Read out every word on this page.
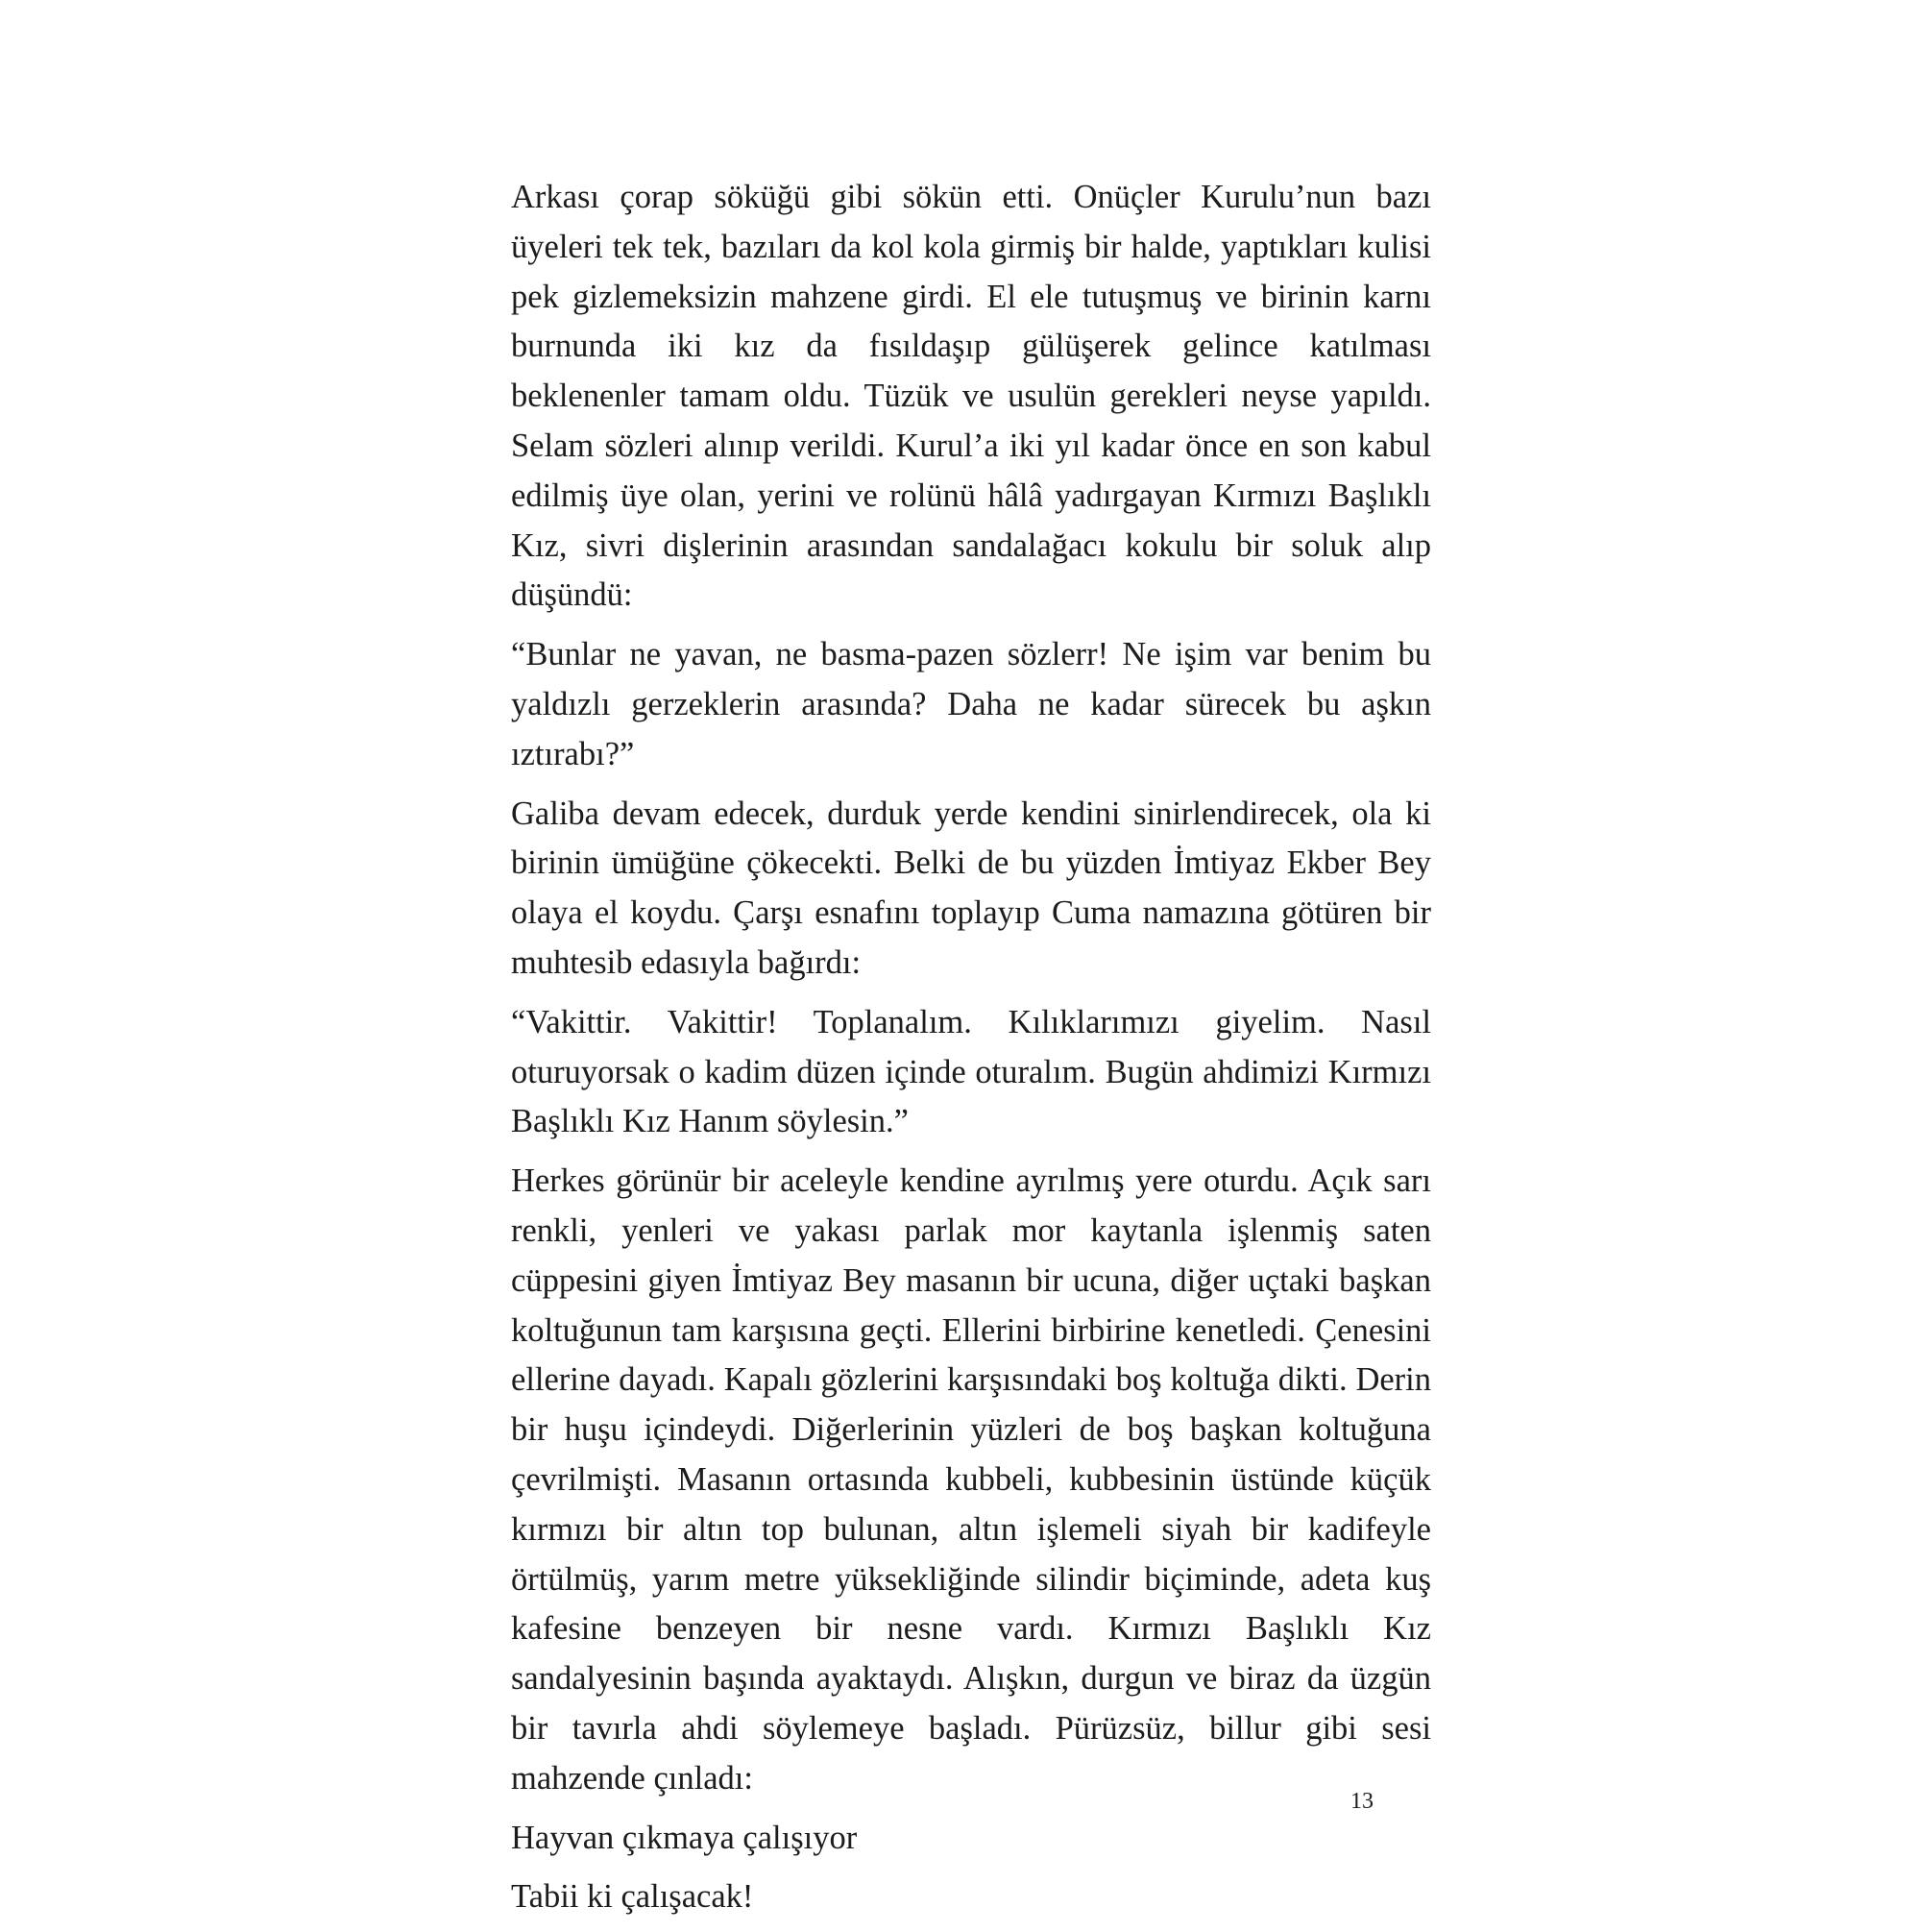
Arkası çorap söküğü gibi sökün etti. Onüçler Kurulu’nun bazı üyeleri tek tek, bazıları da kol kola girmiş bir halde, yaptıkları kulisi pek gizlemeksizin mahzene girdi. El ele tutuşmuş ve birinin karnı burnunda iki kız da fısıldaşıp gülüşerek gelince katılması beklenenler tamam oldu. Tüzük ve usulün gerekleri neyse yapıldı. Selam sözleri alınıp verildi. Kurul’a iki yıl kadar önce en son kabul edilmiş üye olan, yerini ve rolünü hâlâ yadırgayan Kırmızı Başlıklı Kız, sivri dişlerinin arasından sandalağacı kokulu bir soluk alıp düşündü:

“Bunlar ne yavan, ne basma-pazen sözlerr! Ne işim var benim bu yaldızlı gerzeklerin arasında? Daha ne kadar sürecek bu aşkın ıztırabı?”

Galiba devam edecek, durduk yerde kendini sinirlendirecek, ola ki birinin ümüğüne çökecekti. Belki de bu yüzden İmtiyaz Ekber Bey olaya el koydu. Çarşı esnafını toplayıp Cuma namazına götüren bir muhtesib edasıyla bağırdı:

“Vakittir. Vakittir! Toplanalım. Kılıklarımızı giyelim. Nasıl oturuyorsak o kadim düzen içinde oturalım. Bugün ahdimizi Kırmızı Başlıklı Kız Hanım söylesin.”

Herkes görünür bir aceleyle kendine ayrılmış yere oturdu. Açık sarı renkli, yenleri ve yakası parlak mor kaytanla işlenmiş saten cüppesini giyen İmtiyaz Bey masanın bir ucuna, diğer uçtaki başkan koltuğunun tam karşısına geçti. Ellerini birbirine kenetledi. Çenesini ellerine dayadı. Kapalı gözlerini karşısındaki boş koltuğa dikti. Derin bir huşu içindeydi. Diğerlerinin yüzleri de boş başkan koltuğuna çevrilmişti. Masanın ortasında kubbeli, kubbesinin üstünde küçük kırmızı bir altın top bulunan, altın işlemeli siyah bir kadifeyle örtülmüş, yarım metre yüksekliğinde silindir biçiminde, adeta kuş kafesine benzeyen bir nesne vardı. Kırmızı Başlıklı Kız sandalyesinin başında ayaktaydı. Alışkın, durgun ve biraz da üzgün bir tavırla ahdi söylemeye başladı. Pürüzsüz, billur gibi sesi mahzende çınladı:

Hayvan çıkmaya çalışıyor

Tabii ki çalışacak!

13
